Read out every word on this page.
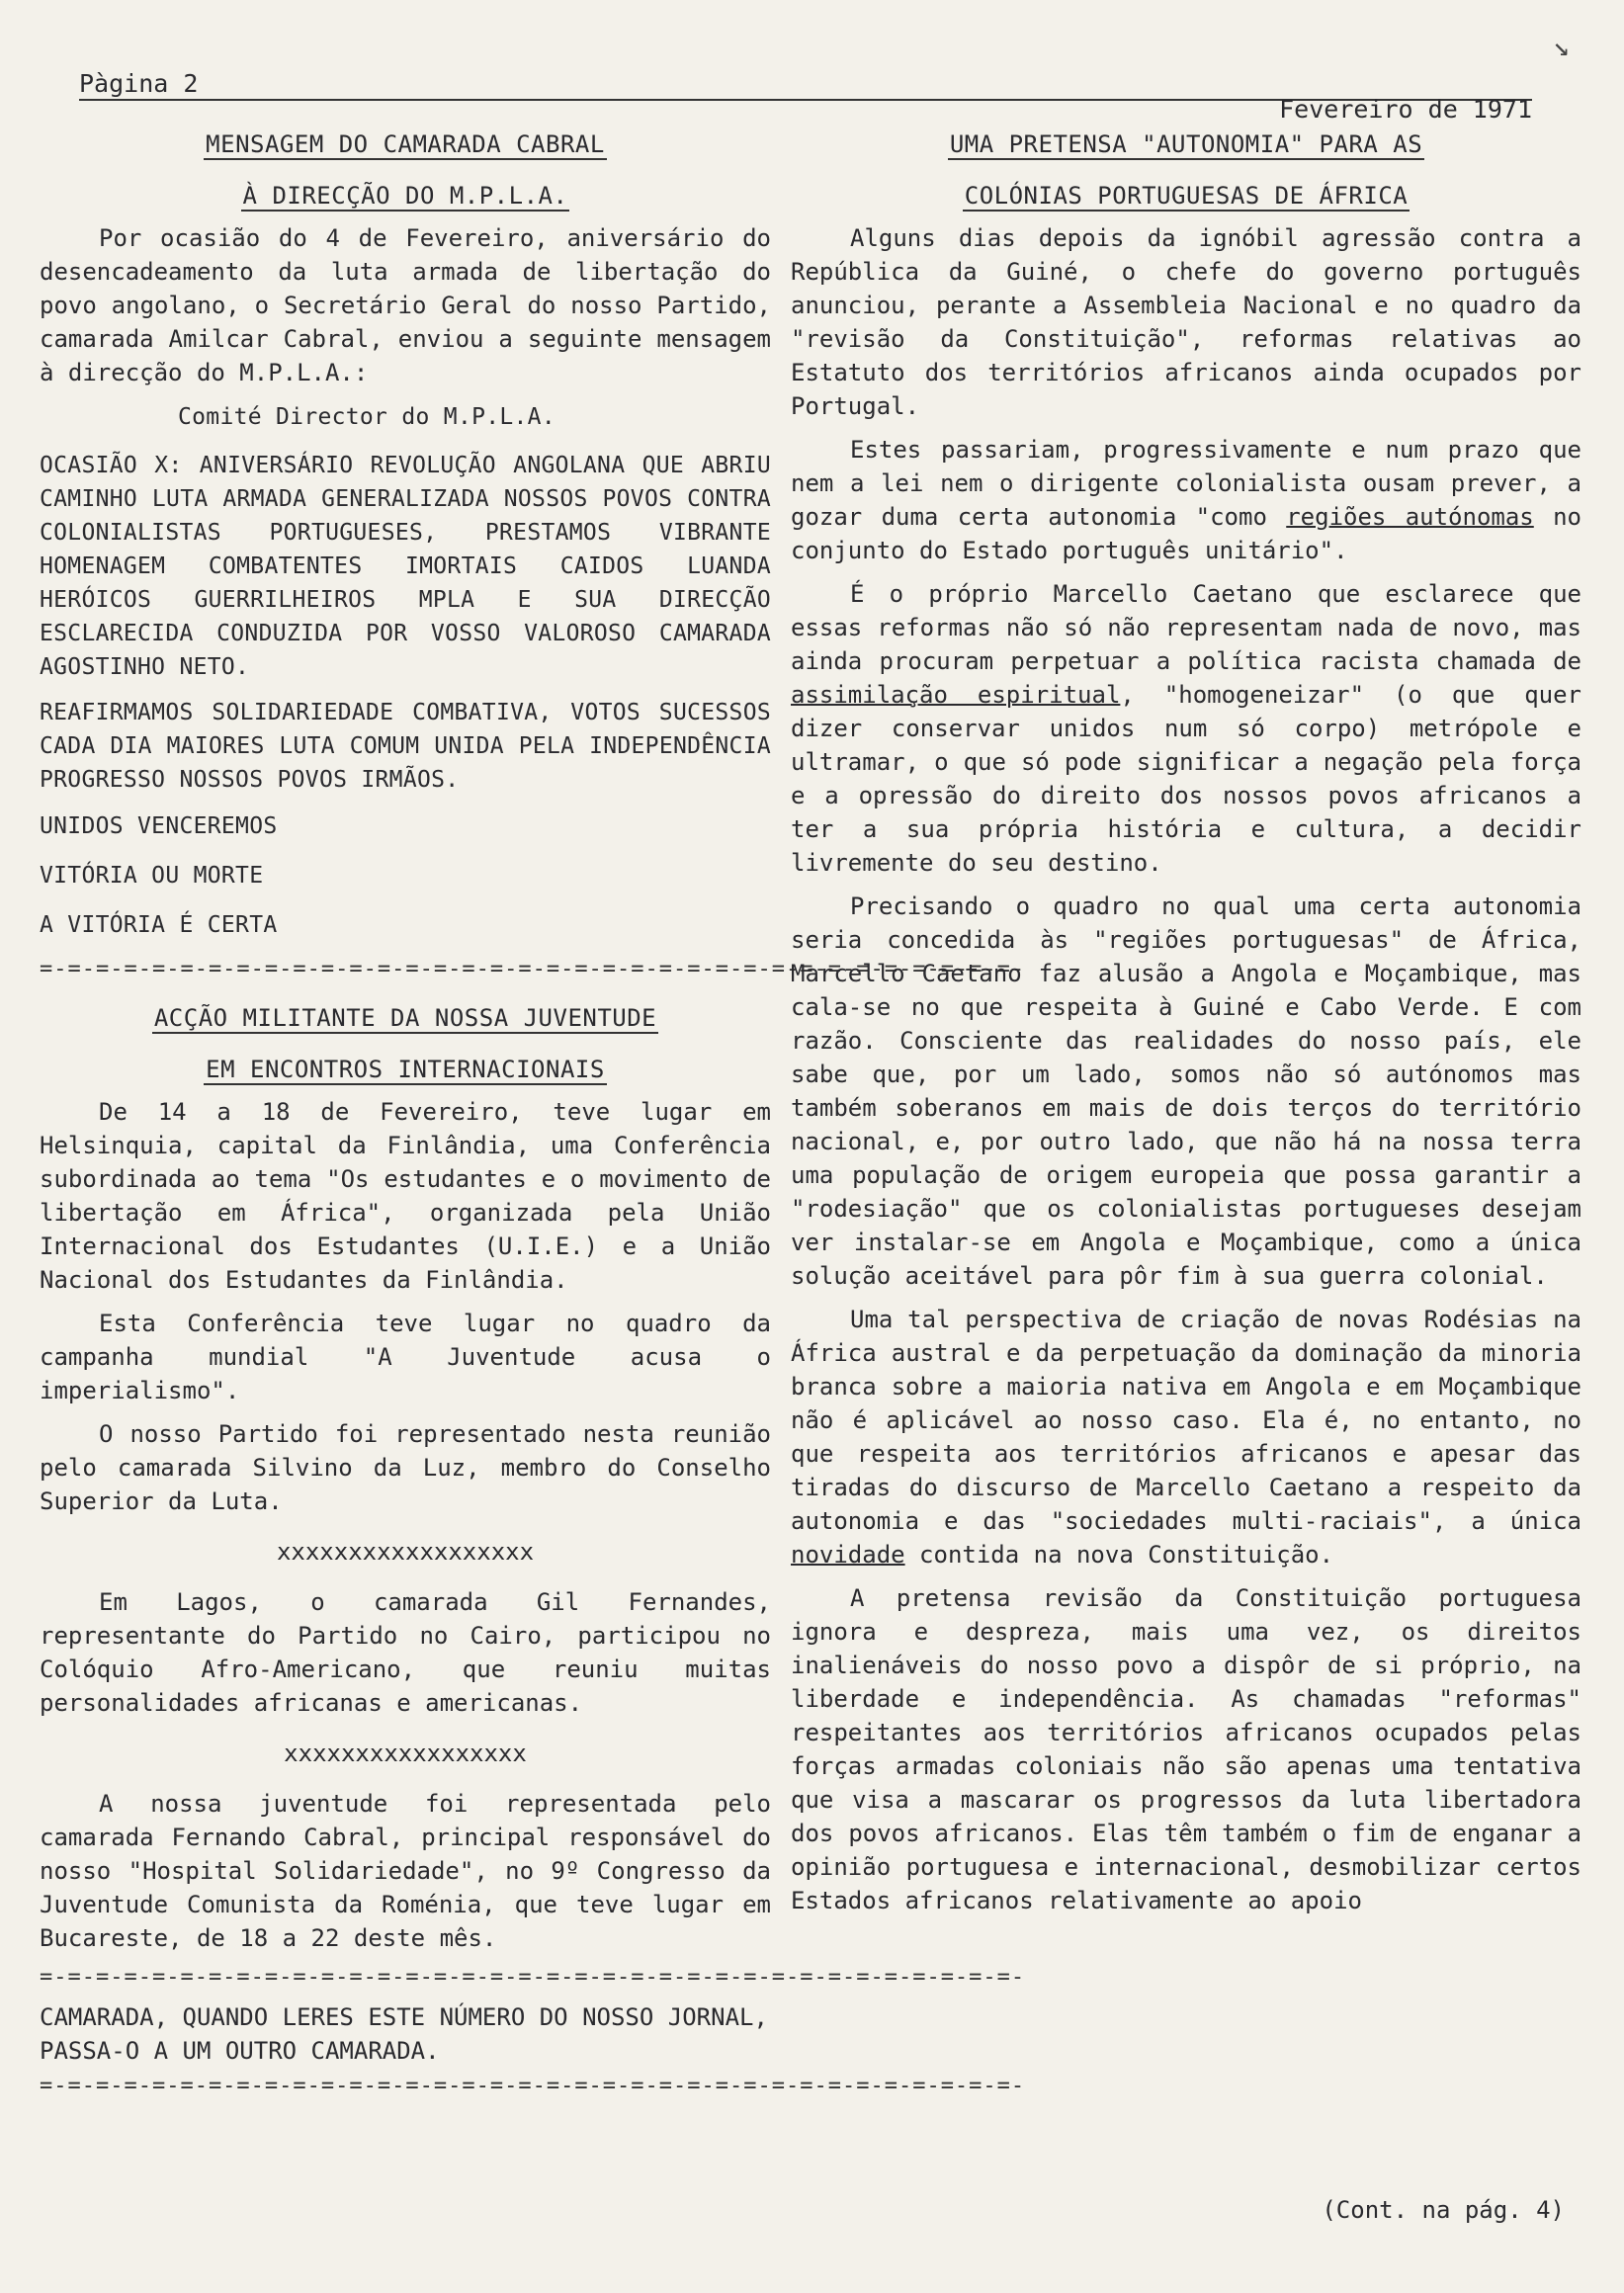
↘
Pàgina 2
Fevereiro de 1971

MENSAGEM DO CAMARADA CABRAL

À DIRECÇÃO DO M.P.L.A.

Por ocasião do 4 de Fevereiro, aniversário do desencadeamento da luta armada de libertação do povo angolano, o Secretário Geral do nosso Partido, camarada Amilcar Cabral, enviou a seguinte mensagem à direcção do M.P.L.A.:

Comité Director do M.P.L.A.

OCASIÃO X: ANIVERSÁRIO REVOLUÇÃO ANGOLANA QUE ABRIU CAMINHO LUTA ARMADA GENERALIZADA NOSSOS POVOS CONTRA COLONIALISTAS PORTUGUESES, PRESTAMOS VIBRANTE HOMENAGEM COMBATENTES IMORTAIS CAIDOS LUANDA HERÓICOS GUERRILHEIROS MPLA E SUA DIRECÇÃO ESCLARECIDA CONDUZIDA POR VOSSO VALOROSO CAMARADA AGOSTINHO NETO.

REAFIRMAMOS SOLIDARIEDADE COMBATIVA, VOTOS SUCESSOS CADA DIA MAIORES LUTA COMUM UNIDA PELA INDEPENDÊNCIA PROGRESSO NOSSOS POVOS IRMÃOS.

UNIDOS VENCEREMOS

VITÓRIA OU MORTE

A VITÓRIA É CERTA

=-=-=-=-=-=-=-=-=-=-=-=-=-=-=-=-=-=-=-=-=-=-=-=-=-=-=-=-=-=-=-=-=-=-=-

ACÇÃO MILITANTE DA NOSSA JUVENTUDE

EM ENCONTROS INTERNACIONAIS

De 14 a 18 de Fevereiro, teve lugar em Helsinquia, capital da Finlândia, uma Conferência subordinada ao tema "Os estudantes e o movimento de libertação em África", organizada pela União Internacional dos Estudantes (U.I.E.) e a União Nacional dos Estudantes da Finlândia.

Esta Conferência teve lugar no quadro da campanha mundial "A Juventude acusa o imperialismo".

O nosso Partido foi representado nesta reunião pelo camarada Silvino da Luz, membro do Conselho Superior da Luta.

xxxxxxxxxxxxxxxxxx

Em Lagos, o camarada Gil Fernandes, representante do Partido no Cairo, participou no Colóquio Afro-Americano, que reuniu muitas personalidades africanas e americanas.

xxxxxxxxxxxxxxxxx

A nossa juventude foi representada pelo camarada Fernando Cabral, principal responsável do nosso "Hospital Solidariedade", no 9º Congresso da Juventude Comunista da Roménia, que teve lugar em Bucareste, de 18 a 22 deste mês.

=-=-=-=-=-=-=-=-=-=-=-=-=-=-=-=-=-=-=-=-=-=-=-=-=-=-=-=-=-=-=-=-=-=-=-

CAMARADA, QUANDO LERES ESTE NÚMERO DO NOSSO JORNAL, PASSA-O A UM OUTRO CAMARADA.

=-=-=-=-=-=-=-=-=-=-=-=-=-=-=-=-=-=-=-=-=-=-=-=-=-=-=-=-=-=-=-=-=-=-=-

UMA PRETENSA "AUTONOMIA" PARA AS

COLÓNIAS PORTUGUESAS DE ÁFRICA

Alguns dias depois da ignóbil agressão contra a República da Guiné, o chefe do governo português anunciou, perante a Assembleia Nacional e no quadro da "revisão da Constituição", reformas relativas ao Estatuto dos territórios africanos ainda ocupados por Portugal.

Estes passariam, progressivamente e num prazo que nem a lei nem o dirigente colonialista ousam prever, a gozar duma certa autonomia "como regiões autónomas no conjunto do Estado português unitário".

É o próprio Marcello Caetano que esclarece que essas reformas não só não representam nada de novo, mas ainda procuram perpetuar a política racista chamada de assimilação espiritual, "homogeneizar" (o que quer dizer conservar unidos num só corpo) metrópole e ultramar, o que só pode significar a negação pela força e a opressão do direito dos nossos povos africanos a ter a sua própria história e cultura, a decidir livremente do seu destino.

Precisando o quadro no qual uma certa autonomia seria concedida às "regiões portuguesas" de África, Marcello Caetano faz alusão a Angola e Moçambique, mas cala-se no que respeita à Guiné e Cabo Verde. E com razão. Consciente das realidades do nosso país, ele sabe que, por um lado, somos não só autónomos mas também soberanos em mais de dois terços do território nacional, e, por outro lado, que não há na nossa terra uma população de origem europeia que possa garantir a "rodesiação" que os colonialistas portugueses desejam ver instalar-se em Angola e Moçambique, como a única solução aceitável para pôr fim à sua guerra colonial.

Uma tal perspectiva de criação de novas Rodésias na África austral e da perpetuação da dominação da minoria branca sobre a maioria nativa em Angola e em Moçambique não é aplicável ao nosso caso. Ela é, no entanto, no que respeita aos territórios africanos e apesar das tiradas do discurso de Marcello Caetano a respeito da autonomia e das "sociedades multi-raciais", a única novidade contida na nova Constituição.

A pretensa revisão da Constituição portuguesa ignora e despreza, mais uma vez, os direitos inalienáveis do nosso povo a dispôr de si próprio, na liberdade e independência. As chamadas "reformas" respeitantes aos territórios africanos ocupados pelas forças armadas coloniais não são apenas uma tentativa que visa a mascarar os progressos da luta libertadora dos povos africanos. Elas têm também o fim de enganar a opinião portuguesa e internacional, desmobilizar certos Estados africanos relativamente ao apoio

(Cont. na pág. 4)
